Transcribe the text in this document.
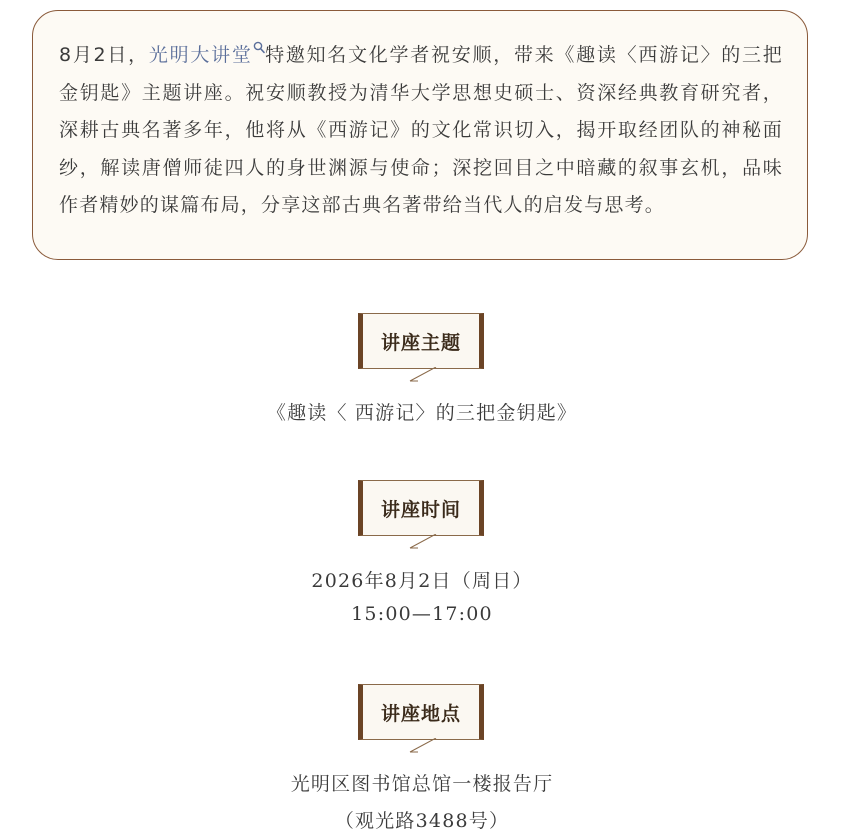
8月2日，光明大讲堂 特邀知名文化学者祝安顺，带来《趣读〈西游记〉的三把金钥匙》主题讲座。祝安顺教授为清华大学思想史硕士、资深经典教育研究者，深耕古典名著多年，他将从《西游记》的文化常识切入，揭开取经团队的神秘面纱，解读唐僧师徒四人的身世渊源与使命；深挖回目之中暗藏的叙事玄机，品味作者精妙的谋篇布局，分享这部古典名著带给当代人的启发与思考。

讲座主题
《趣读〈 西游记〉的三把金钥匙》
讲座时间
2026年8月2日（周日）
15:00—17:00
讲座地点
光明区图书馆总馆一楼报告厅
（观光路3488号）
